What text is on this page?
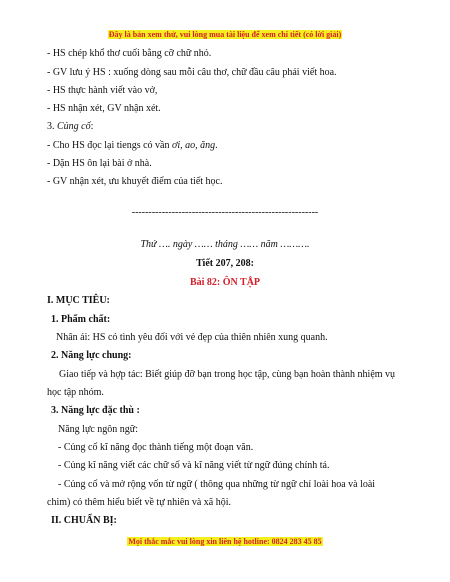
Đây là bản xem thử, vui lòng mua tài liệu để xem chi tiết (có lời giải)
- HS chép khổ thơ cuối bằng cỡ chữ nhỏ.
- GV lưu ý HS : xuống dòng sau mỗi câu thơ, chữ đầu câu phải viết hoa.
- HS thực hành viết vào vở,
- HS nhận xét, GV nhận xét.
3. Củng cố:
- Cho HS đọc lại tiengs có vần ơi, ao, ăng.
- Dặn HS ôn lại bài ở nhà.
- GV nhận xét, ưu khuyết điểm của tiết học.
--------------------------------------------------------
Thứ …. ngày …… tháng …… năm ……….
Tiết 207, 208:
Bài 82: ÔN TẬP
I. MỤC TIÊU:
1. Phẩm chất:
Nhân ái: HS có tình yêu đối với vẻ đẹp của thiên nhiên xung quanh.
2. Năng lực chung:
Giao tiếp và hợp tác: Biết giúp đỡ bạn trong học tập, cùng bạn hoàn thành nhiệm vụ
học tập nhóm.
3. Năng lực đặc thù :
Năng lực ngôn ngữ:
- Củng cố kĩ năng đọc thành tiếng một đoạn văn.
- Củng kĩ năng viết các chữ số và kĩ năng viết từ ngữ đúng chính tả.
- Củng cố và mở rộng vốn từ ngữ ( thông qua những từ ngữ chỉ loài hoa và loài
chim) có thêm hiểu biết về tự nhiên và xã hội.
II. CHUẨN BỊ:
Mọi thắc mắc vui lòng xin liên hệ hotline: 0824 283 45 85
